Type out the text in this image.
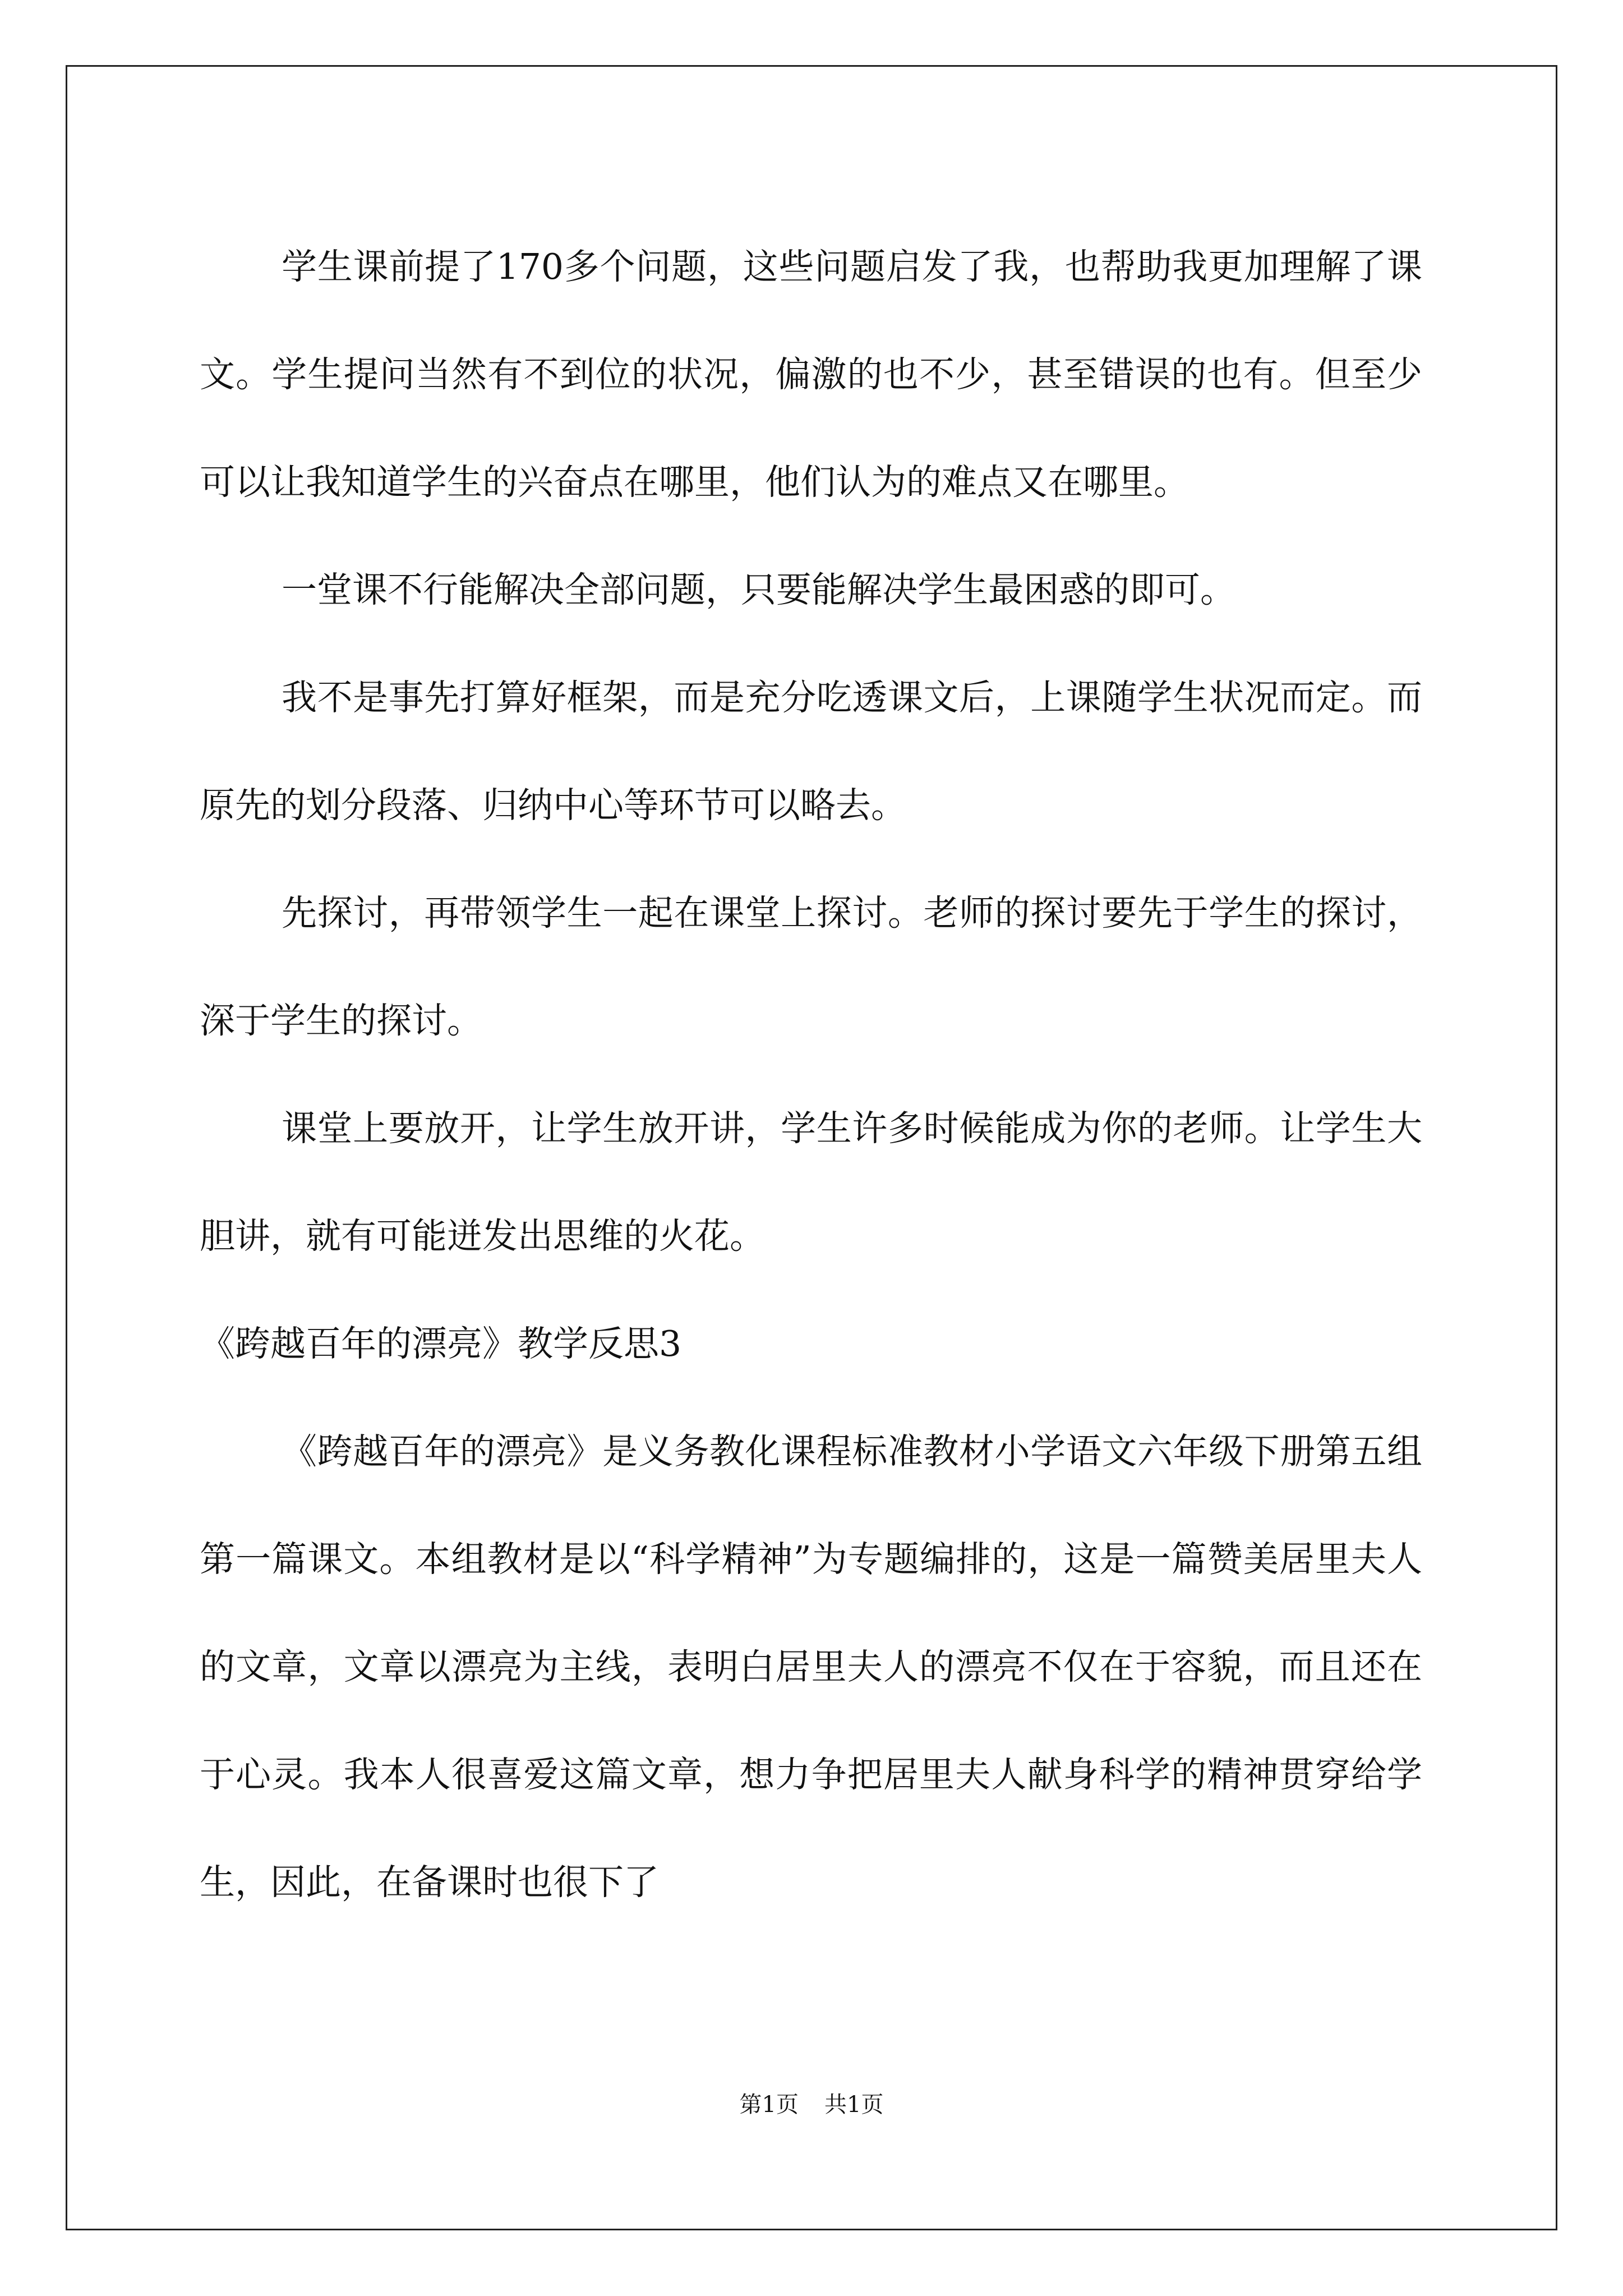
学生课前提了170多个问题，这些问题启发了我，也帮助我更加理解了课文。学生提问当然有不到位的状况，偏激的也不少，甚至错误的也有。但至少可以让我知道学生的兴奋点在哪里，他们认为的难点又在哪里。

一堂课不行能解决全部问题，只要能解决学生最困惑的即可。

我不是事先打算好框架，而是充分吃透课文后，上课随学生状况而定。而原先的划分段落、归纳中心等环节可以略去。

先探讨，再带领学生一起在课堂上探讨。老师的探讨要先于学生的探讨，深于学生的探讨。

课堂上要放开，让学生放开讲，学生许多时候能成为你的老师。让学生大胆讲，就有可能迸发出思维的火花。

《跨越百年的漂亮》教学反思3

《跨越百年的漂亮》是义务教化课程标准教材小学语文六年级下册第五组第一篇课文。本组教材是以“科学精神”为专题编排的，这是一篇赞美居里夫人的文章，文章以漂亮为主线，表明白居里夫人的漂亮不仅在于容貌，而且还在于心灵。我本人很喜爱这篇文章，想力争把居里夫人献身科学的精神贯穿给学生，因此，在备课时也很下了

第1页 共1页
